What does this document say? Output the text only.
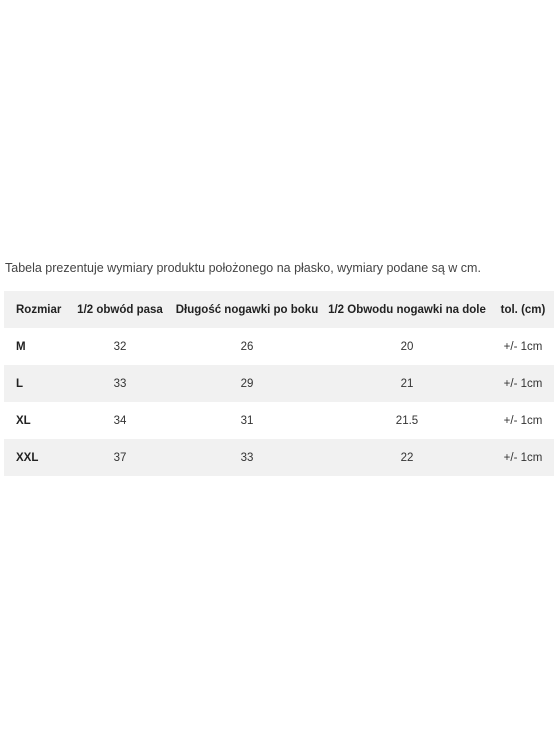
Tabela prezentuje wymiary produktu położonego na płasko, wymiary podane są w cm.
Rozmiar	1/2 obwód pasa	Długość nogawki po boku	1/2 Obwodu nogawki na dole	tol. (cm)
M	32	26	20	+/- 1cm
L	33	29	21	+/- 1cm
XL	34	31	21.5	+/- 1cm
XXL	37	33	22	+/- 1cm
